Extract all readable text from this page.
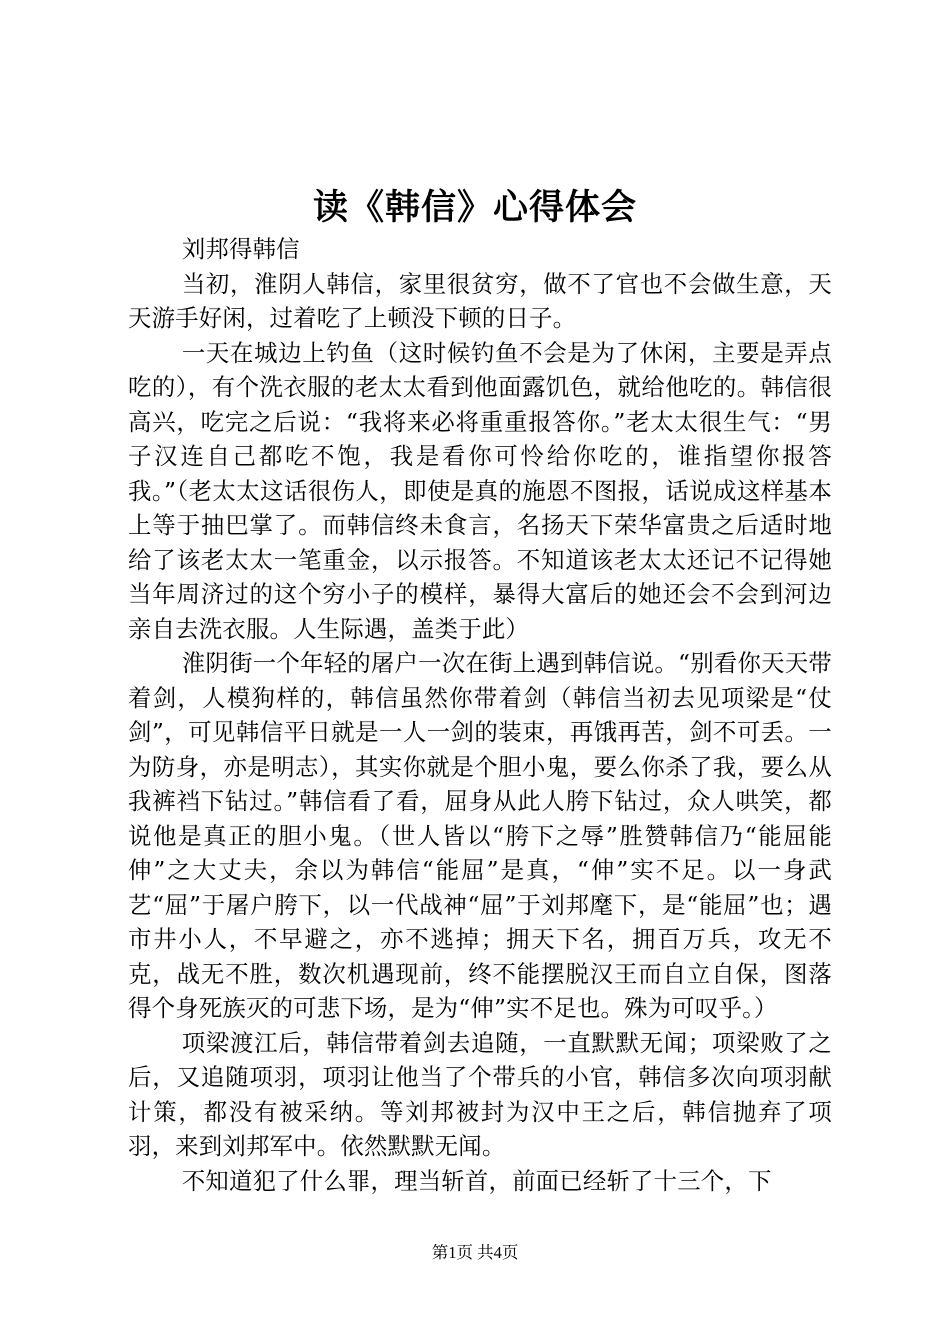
读《韩信》心得体会

刘邦得韩信

当初，淮阴人韩信，家里很贫穷，做不了官也不会做生意，天天游手好闲，过着吃了上顿没下顿的日子。

一天在城边上钓鱼（这时候钓鱼不会是为了休闲，主要是弄点吃的），有个洗衣服的老太太看到他面露饥色，就给他吃的。韩信很高兴，吃完之后说：“我将来必将重重报答你。”老太太很生气：“男子汉连自己都吃不饱，我是看你可怜给你吃的，谁指望你报答我。”（老太太这话很伤人，即使是真的施恩不图报，话说成这样基本上等于抽巴掌了。而韩信终未食言，名扬天下荣华富贵之后适时地给了该老太太一笔重金，以示报答。不知道该老太太还记不记得她当年周济过的这个穷小子的模样，暴得大富后的她还会不会到河边亲自去洗衣服。人生际遇，盖类于此）

淮阴街一个年轻的屠户一次在街上遇到韩信说。“别看你天天带着剑，人模狗样的，韩信虽然你带着剑（韩信当初去见项梁是“仗剑”，可见韩信平日就是一人一剑的装束，再饿再苦，剑不可丢。一为防身，亦是明志），其实你就是个胆小鬼，要么你杀了我，要么从我裤裆下钻过。”韩信看了看，屈身从此人胯下钻过，众人哄笑，都说他是真正的胆小鬼。（世人皆以“胯下之辱”胜赞韩信乃“能屈能伸”之大丈夫，余以为韩信“能屈”是真，“伸”实不足。以一身武艺“屈”于屠户胯下，以一代战神“屈”于刘邦麾下，是“能屈”也；遇市井小人，不早避之，亦不逃掉；拥天下名，拥百万兵，攻无不克，战无不胜，数次机遇现前，终不能摆脱汉王而自立自保，图落得个身死族灭的可悲下场，是为“伸”实不足也。殊为可叹乎。）

项梁渡江后，韩信带着剑去追随，一直默默无闻；项梁败了之后，又追随项羽，项羽让他当了个带兵的小官，韩信多次向项羽献计策，都没有被采纳。等刘邦被封为汉中王之后，韩信抛弃了项羽，来到刘邦军中。依然默默无闻。

不知道犯了什么罪，理当斩首，前面已经斩了十三个，下

第1页 共4页
